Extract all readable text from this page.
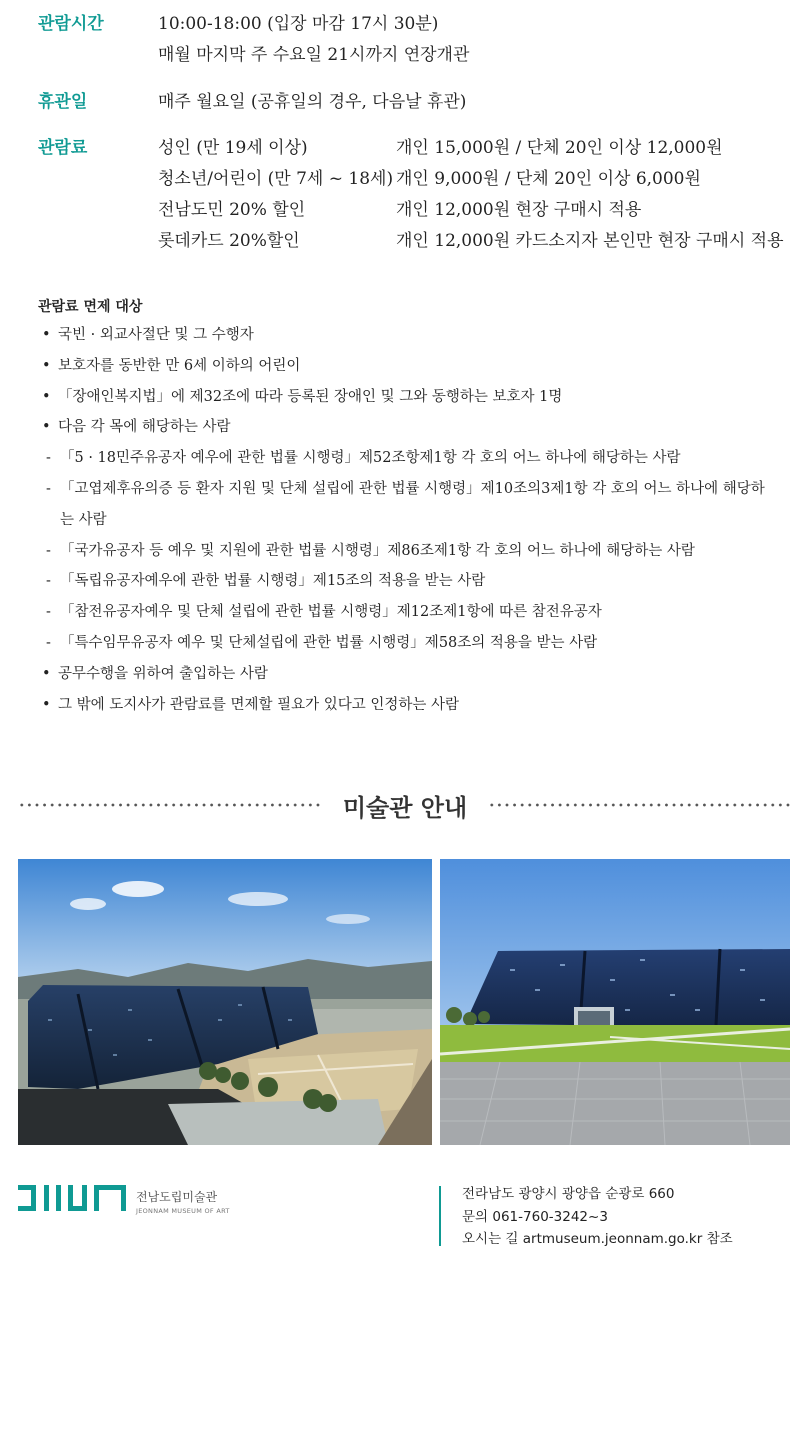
관람시간	10:00-18:00 (입장 마감 17시 30분)
매월 마지막 주 수요일 21시까지 연장개관
휴관일	매주 월요일 (공휴일의 경우, 다음날 휴관)
관람료	성인 (만 19세 이상)	개인 15,000원 / 단체 20인 이상 12,000원
청소년/어린이 (만 7세 ~ 18세) 개인 9,000원 / 단체 20인 이상 6,000원
전남도민 20% 할인	개인 12,000원 현장 구매시 적용
롯데카드 20%할인	개인 12,000원 카드소지자 본인만 현장 구매시 적용
관람료 면제 대상
• 국빈 · 외교사절단 및 그 수행자
• 보호자를 동반한 만 6세 이하의 어린이
• 「장애인복지법」에 제32조에 따라 등록된 장애인 및 그와 동행하는 보호자 1명
• 다음 각 목에 해당하는 사람
- 「5 · 18민주유공자 예우에 관한 법률 시행령」제52조항제1항 각 호의 어느 하나에 해당하는 사람
- 「고엽제후유의증 등 환자 지원 및 단체 설립에 관한 법률 시행령」제10조의3제1항 각 호의 어느 하나에 해당하
는 사람
- 「국가유공자 등 예우 및 지원에 관한 법률 시행령」제86조제1항 각 호의 어느 하나에 해당하는 사람
- 「독립유공자예우에 관한 법률 시행령」제15조의 적용을 받는 사람
- 「참전유공자예우 및 단체 설립에 관한 법률 시행령」제12조제1항에 따른 참전유공자
- 「특수임무유공자 예우 및 단체설립에 관한 법률 시행령」제58조의 적용을 받는 사람
• 공무수행을 위하여 출입하는 사람
• 그 밖에 도지사가 관람료를 면제할 필요가 있다고 인정하는 사람
미술관 안내
전남도립미술관
JEONNAM MUSEUM OF ART
전라남도 광양시 광양읍 순광로 660
문의 061-760-3242~3
오시는 길 artmuseum.jeonnam.go.kr 참조
